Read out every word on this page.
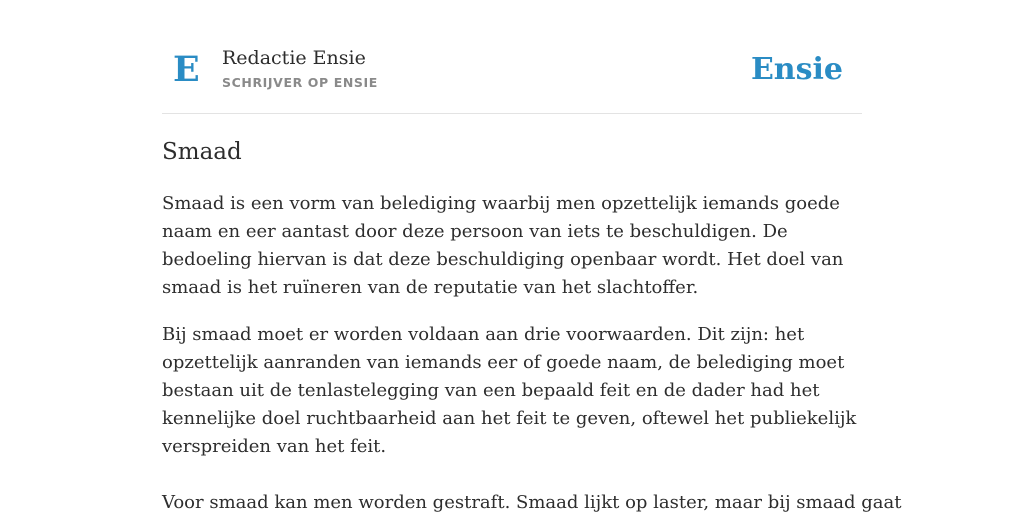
E Redactie Ensie
SCHRIJVER OP ENSIE	Ensie
Smaad

Smaad is een vorm van belediging waarbij men opzettelijk iemands goede naam en eer aantast door deze persoon van iets te beschuldigen. De bedoeling hiervan is dat deze beschuldiging openbaar wordt. Het doel van smaad is het ruïneren van de reputatie van het slachtoffer.

Bij smaad moet er worden voldaan aan drie voorwaarden. Dit zijn: het opzettelijk aanranden van iemands eer of goede naam, de belediging moet bestaan uit de tenlastelegging van een bepaald feit en de dader had het kennelijke doel ruchtbaarheid aan het feit te geven, oftewel het publiekelijk verspreiden van het feit.

Voor smaad kan men worden gestraft. Smaad lijkt op laster, maar bij smaad gaat
